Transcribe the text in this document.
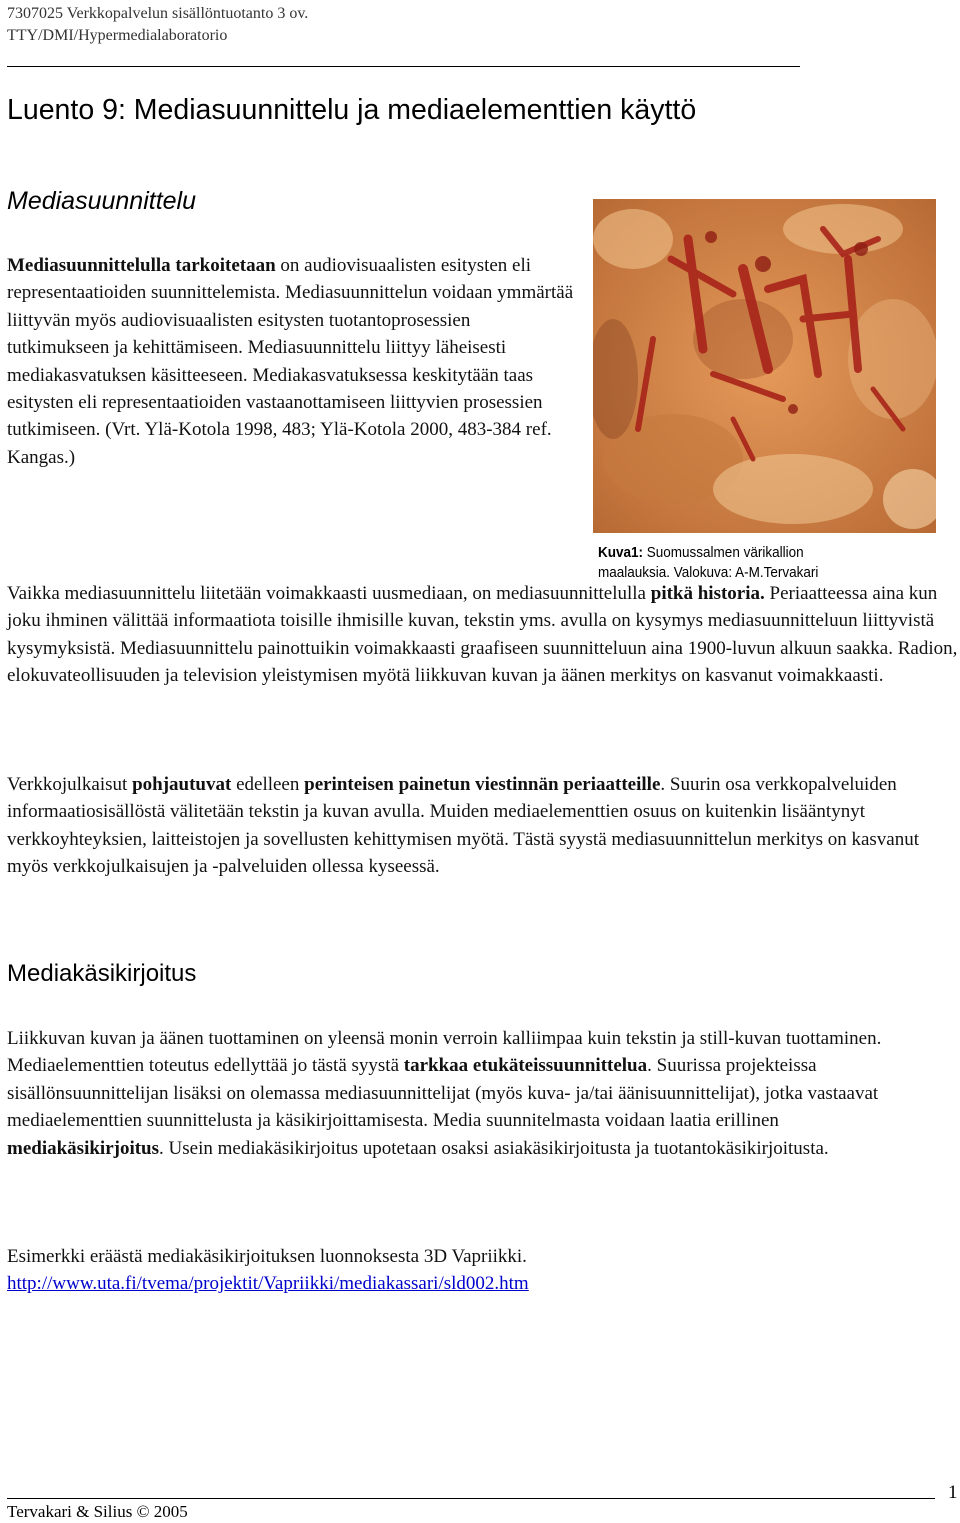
7307025 Verkkopalvelun sisällöntuotanto 3 ov.
TTY/DMI/Hypermedialaboratorio
Luento 9: Mediasuunnittelu ja mediaelementtien käyttö
Mediasuunnittelu

Mediasuunnittelulla tarkoitetaan on audiovisuaalisten esitysten eli representaatioiden suunnittelemista. Mediasuunnittelun voidaan ymmärtää liittyvän myös audiovisuaalisten esitysten tuotantoprosessien tutkimukseen ja kehittämiseen. Mediasuunnittelu liittyy läheisesti mediakasvatuksen käsitteeseen. Mediakasvatuksessa keskitytään taas esitysten eli representaatioiden vastaanottamiseen liittyvien prosessien tutkimiseen. (Vrt. Ylä-Kotola 1998, 483; Ylä-Kotola 2000, 483-384 ref. Kangas.)

Kuva1: Suomussalmen värikallion maalauksia. Valokuva: A-M.Tervakari

Vaikka mediasuunnittelu liitetään voimakkaasti uusmediaan, on mediasuunnittelulla pitkä historia. Periaatteessa aina kun joku ihminen välittää informaatiota toisille ihmisille kuvan, tekstin yms. avulla on kysymys mediasuunnitteluun liittyvistä kysymyksistä. Mediasuunnittelu painottuikin voimakkaasti graafiseen suunnitteluun aina 1900-luvun alkuun saakka. Radion, elokuvateollisuuden ja television yleistymisen myötä liikkuvan kuvan ja äänen merkitys on kasvanut voimakkaasti.

Verkkojulkaisut pohjautuvat edelleen perinteisen painetun viestinnän periaatteille. Suurin osa verkkopalveluiden informaatiosisällöstä välitetään tekstin ja kuvan avulla. Muiden mediaelementtien osuus on kuitenkin lisääntynyt verkkoyhteyksien, laitteistojen ja sovellusten kehittymisen myötä. Tästä syystä mediasuunnittelun merkitys on kasvanut myös verkkojulkaisujen ja -palveluiden ollessa kyseessä.

Mediakäsikirjoitus

Liikkuvan kuvan ja äänen tuottaminen on yleensä monin verroin kalliimpaa kuin tekstin ja still-kuvan tuottaminen. Mediaelementtien toteutus edellyttää jo tästä syystä tarkkaa etukäteissuunnittelua. Suurissa projekteissa sisällönsuunnittelijan lisäksi on olemassa mediasuunnittelijat (myös kuva- ja/tai äänisuunnittelijat), jotka vastaavat mediaelementtien suunnittelusta ja käsikirjoittamisesta. Media suunnitelmasta voidaan laatia erillinen mediakäsikirjoitus. Usein mediakäsikirjoitus upotetaan osaksi asiakäsikirjoitusta ja tuotantokäsikirjoitusta.

Esimerkki eräästä mediakäsikirjoituksen luonnoksesta 3D Vapriikki.
http://www.uta.fi/tvema/projektit/Vapriikki/mediakassari/sld002.htm

1
Tervakari & Silius © 2005
